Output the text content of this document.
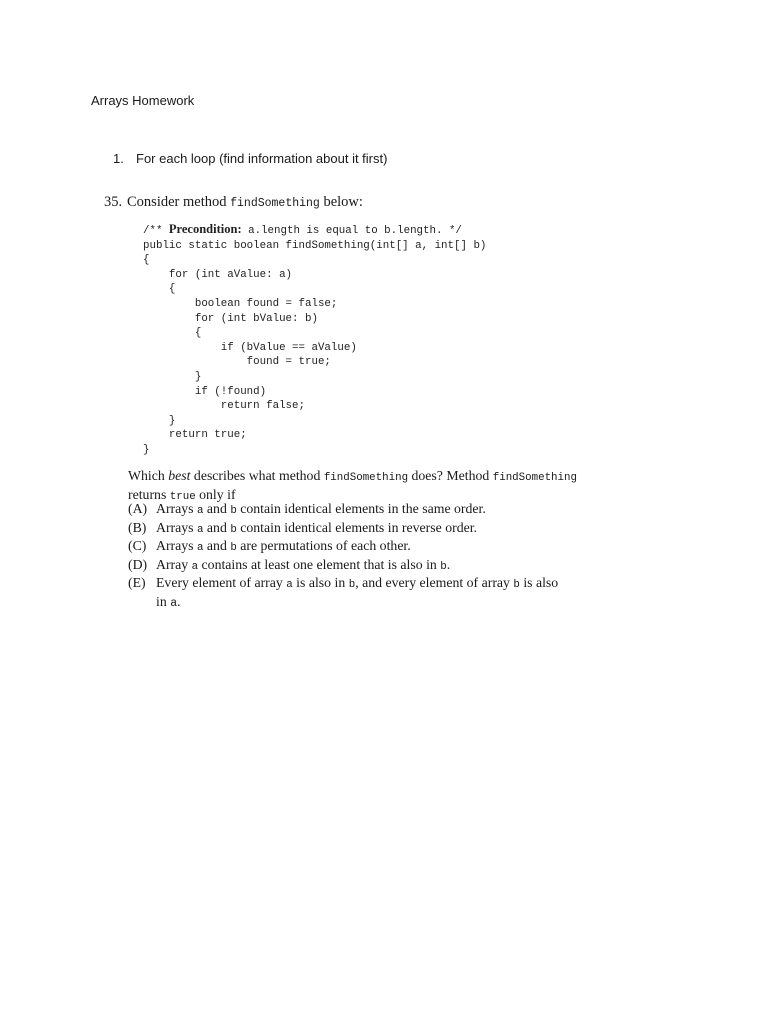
Arrays Homework
1. For each loop (find information about it first)
35. Consider method findSomething below:
/** Precondition: a.length is equal to b.length. */
public static boolean findSomething(int[] a, int[] b)
{
for (int aValue: a)
{
boolean found = false;
for (int bValue: b)
{
if (bValue == aValue)
found = true;
}
if (!found)
return false;
}
return true;
}
Which best describes what method findSomething does? Method findSomething
returns true only if
(A) Arrays a and b contain identical elements in the same order.
(B) Arrays a and b contain identical elements in reverse order.
(C) Arrays a and b are permutations of each other.
(D) Array a contains at least one element that is also in b.
(E) Every element of array a is also in b, and every element of array b is also
in a.
